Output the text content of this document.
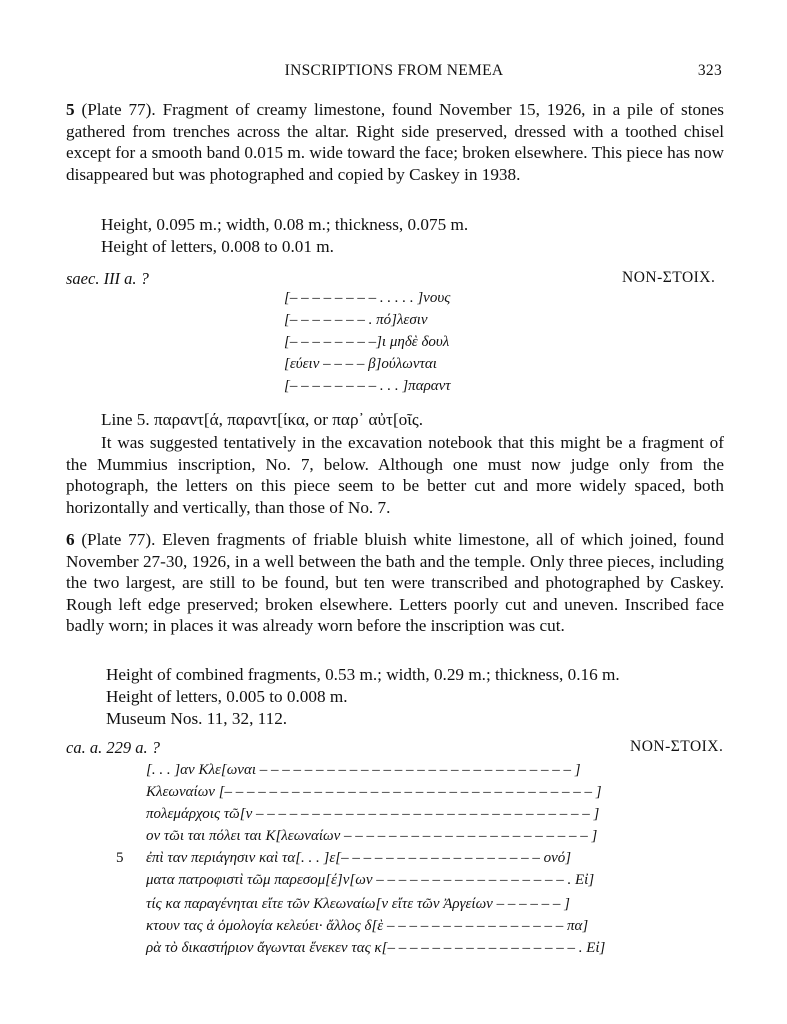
INSCRIPTIONS FROM NEMEA	323

5 (Plate 77). Fragment of creamy limestone, found November 15, 1926, in a pile of stones gathered from trenches across the altar. Right side preserved, dressed with a toothed chisel except for a smooth band 0.015 m. wide toward the face; broken elsewhere. This piece has now disappeared but was photographed and copied by Caskey in 1938.

Height, 0.095 m.; width, 0.08 m.; thickness, 0.075 m.
Height of letters, 0.008 to 0.01 m.
saec. III a. ?	NON-ΣΤΟΙΧ.
[– – – – – – – – . . . . . ]νους
[– – – – – – – . πό]λεσιν
[– – – – – – – –]ι μηδὲ δουλ
[εύειν – – – – β]ούλωνται
[– – – – – – – – . . . ]παραντ
Line 5. παραντ[ά, παραντ[ίκα, or παρ᾽ αὐτ[οῖς.

It was suggested tentatively in the excavation notebook that this might be a fragment of the Mummius inscription, No. 7, below. Although one must now judge only from the photograph, the letters on this piece seem to be better cut and more widely spaced, both horizontally and vertically, than those of No. 7.

6 (Plate 77). Eleven fragments of friable bluish white limestone, all of which joined, found November 27-30, 1926, in a well between the bath and the temple. Only three pieces, including the two largest, are still to be found, but ten were transcribed and photographed by Caskey. Rough left edge preserved; broken elsewhere. Letters poorly cut and uneven. Inscribed face badly worn; in places it was already worn before the inscription was cut.

Height of combined fragments, 0.53 m.; width, 0.29 m.; thickness, 0.16 m.
Height of letters, 0.005 to 0.008 m.
Museum Nos. 11, 32, 112.
ca. a. 229 a. ?	NON-ΣΤΟΙΧ.
[. . . ]αν Κλε[ωναι – – – – – – – – – – – – – – – – – – – – – – – – – – – – ]
Κλεωναίων [– – – – – – – – – – – – – – – – – – – – – – – – – – – – – – – – – ]
πολεμάρχοις τῶ[ν – – – – – – – – – – – – – – – – – – – – – – – – – – – – – – ]
ον τῶι ται πόλει ται Κ[λεωναίων – – – – – – – – – – – – – – – – – – – – – – ]
5 ἐπὶ ταν περιάγησιν καὶ τα[. . . ]ε[– – – – – – – – – – – – – – – – – – ονό]
ματα πατροφιστὶ τῶμ παρεσομ[έ]ν[ων – – – – – – – – – – – – – – – – – . Εἰ]
τίς κα παραγένηται εἴτε τῶν Κλεωναίω[ν εἴτε τῶν Ἀργείων – – – – – – ]
κτουν τας ἁ ὁμολογία κελεύει· ἄλλος δ[ὲ – – – – – – – – – – – – – – – – πα]
ρὰ τὸ δικαστήριον ἄγωνται ἕνεκεν τας κ[– – – – – – – – – – – – – – – – – . Εἰ]
